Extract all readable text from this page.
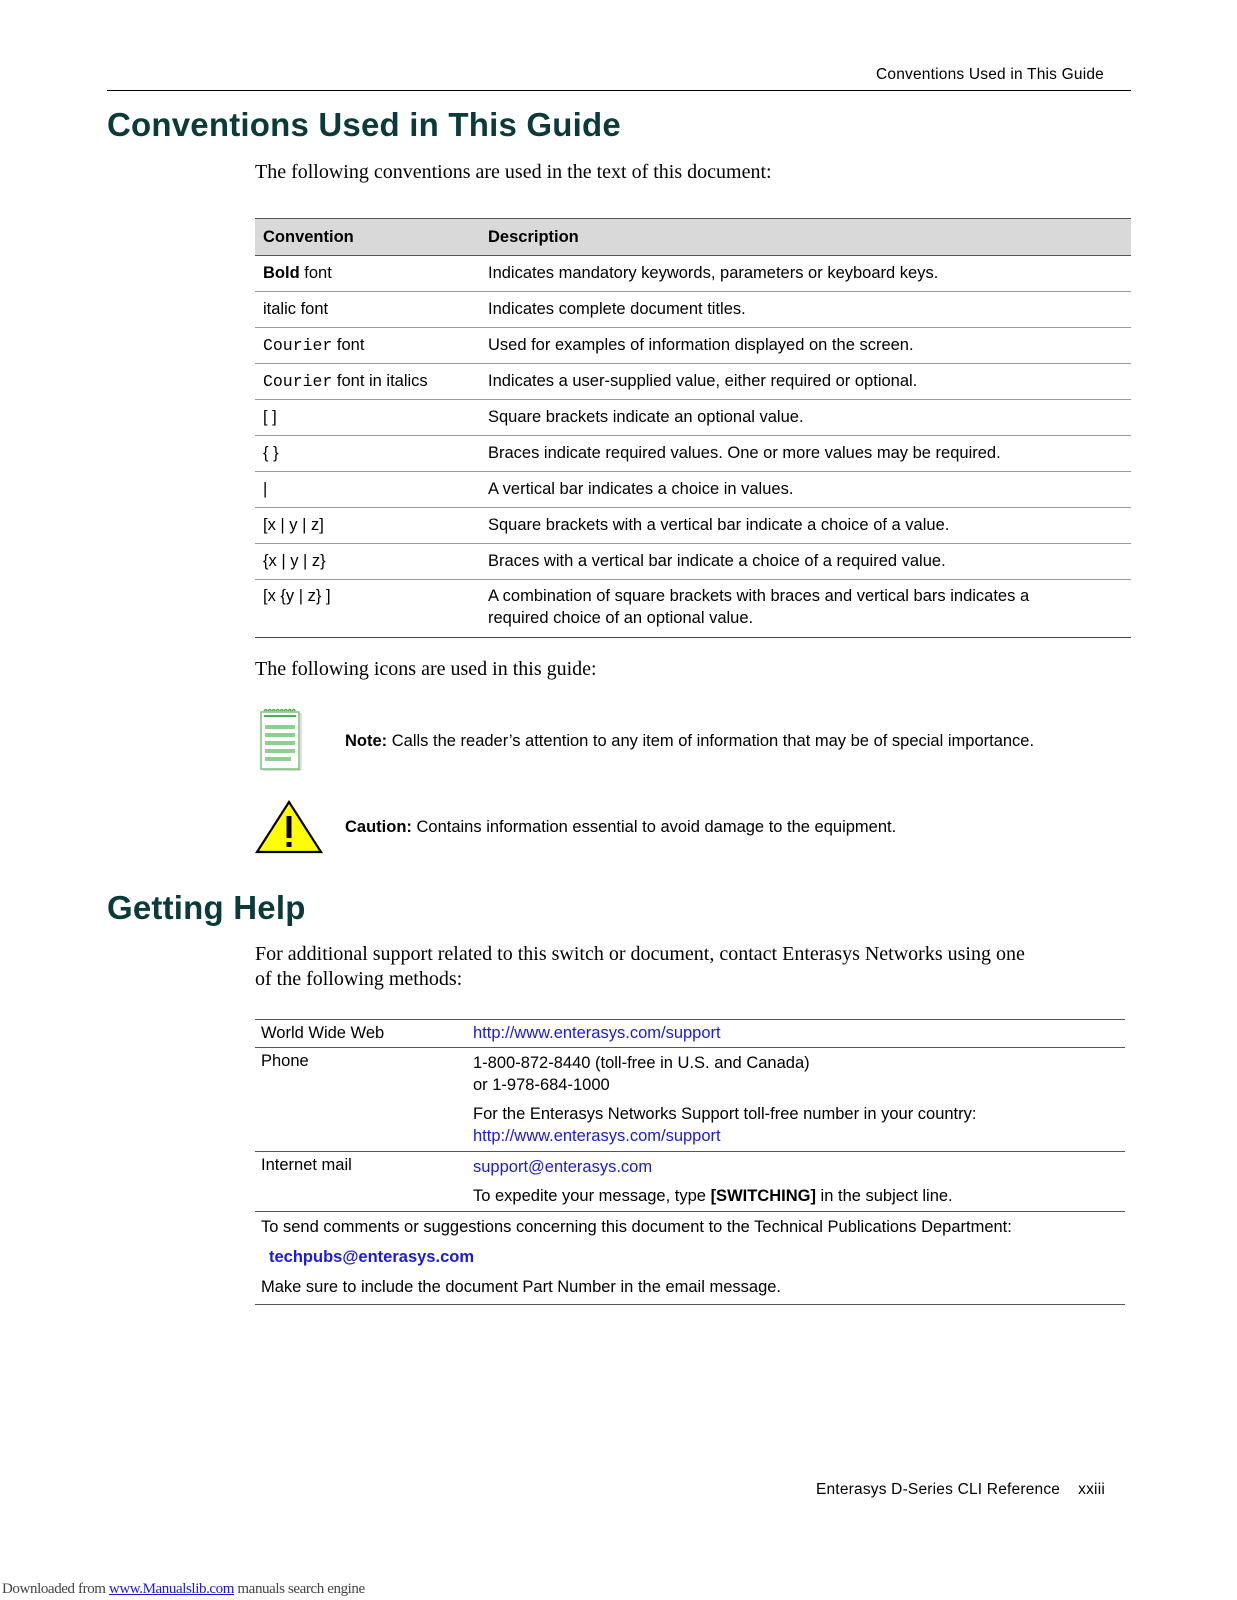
Conventions Used in This Guide
Conventions Used in This Guide
The following conventions are used in the text of this document:
Convention	Description
Bold font	Indicates mandatory keywords, parameters or keyboard keys.
italic font	Indicates complete document titles.
Courier font	Used for examples of information displayed on the screen.
Courier font in italics	Indicates a user-supplied value, either required or optional.
[ ]	Square brackets indicate an optional value.
{ }	Braces indicate required values. One or more values may be required.
|	A vertical bar indicates a choice in values.
[x | y | z]	Square brackets with a vertical bar indicate a choice of a value.
{x | y | z}	Braces with a vertical bar indicate a choice of a required value.
[x {y | z} ]	A combination of square brackets with braces and vertical bars indicates a
required choice of an optional value.
The following icons are used in this guide:
Note: Calls the reader’s attention to any item of information that may be of special importance.
Caution: Contains information essential to avoid damage to the equipment.
Getting Help
For additional support related to this switch or document, contact Enterasys Networks using one
of the following methods:
World Wide Web	http://www.enterasys.com/support
Phone	1-800-872-8440 (toll-free in U.S. and Canada)
or 1-978-684-1000
For the Enterasys Networks Support toll-free number in your country:
http://www.enterasys.com/support

Internet mail	support@enterasys.com
To expedite your message, type [SWITCHING] in the subject line.

To send comments or suggestions concerning this document to the Technical Publications Department:
techpubs@enterasys.com
Make sure to include the document Part Number in the email message.	
Enterasys D-Series CLI Reference xxiii
Downloaded from www.Manualslib.com manuals search engine
